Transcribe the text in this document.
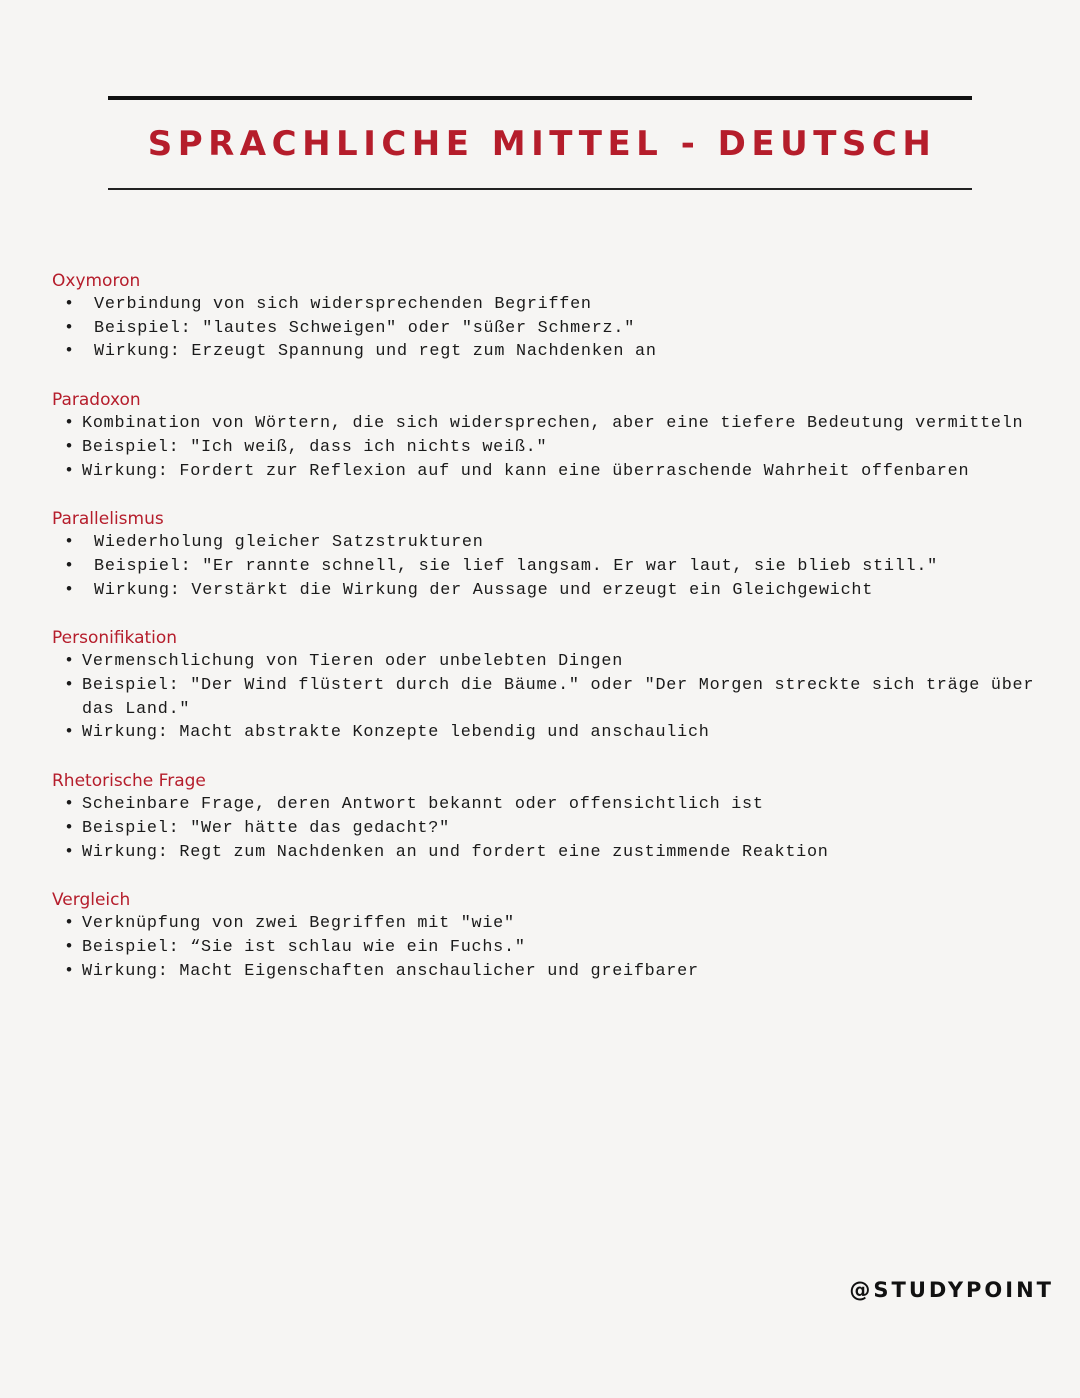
SPRACHLICHE MITTEL - DEUTSCH
Oxymoron
•	Verbindung von sich widersprechenden Begriffen
•	Beispiel: "lautes Schweigen" oder "süßer Schmerz."
•	Wirkung: Erzeugt Spannung und regt zum Nachdenken an
Paradoxon
• Kombination von Wörtern, die sich widersprechen, aber eine tiefere Bedeutung vermitteln
• Beispiel: "Ich weiß, dass ich nichts weiß."
• Wirkung: Fordert zur Reflexion auf und kann eine überraschende Wahrheit offenbaren
Parallelismus
•	Wiederholung gleicher Satzstrukturen
•	Beispiel: "Er rannte schnell, sie lief langsam. Er war laut, sie blieb still."
•	Wirkung: Verstärkt die Wirkung der Aussage und erzeugt ein Gleichgewicht
Personifikation
• Vermenschlichung von Tieren oder unbelebten Dingen
• Beispiel: "Der Wind flüstert durch die Bäume." oder "Der Morgen streckte sich träge über das Land."
• Wirkung: Macht abstrakte Konzepte lebendig und anschaulich
Rhetorische Frage
• Scheinbare Frage, deren Antwort bekannt oder offensichtlich ist
• Beispiel: "Wer hätte das gedacht?"
• Wirkung: Regt zum Nachdenken an und fordert eine zustimmende Reaktion
Vergleich
• Verknüpfung von zwei Begriffen mit "wie"
• Beispiel: “Sie ist schlau wie ein Fuchs."
• Wirkung: Macht Eigenschaften anschaulicher und greifbarer
@STUDYPOINT
